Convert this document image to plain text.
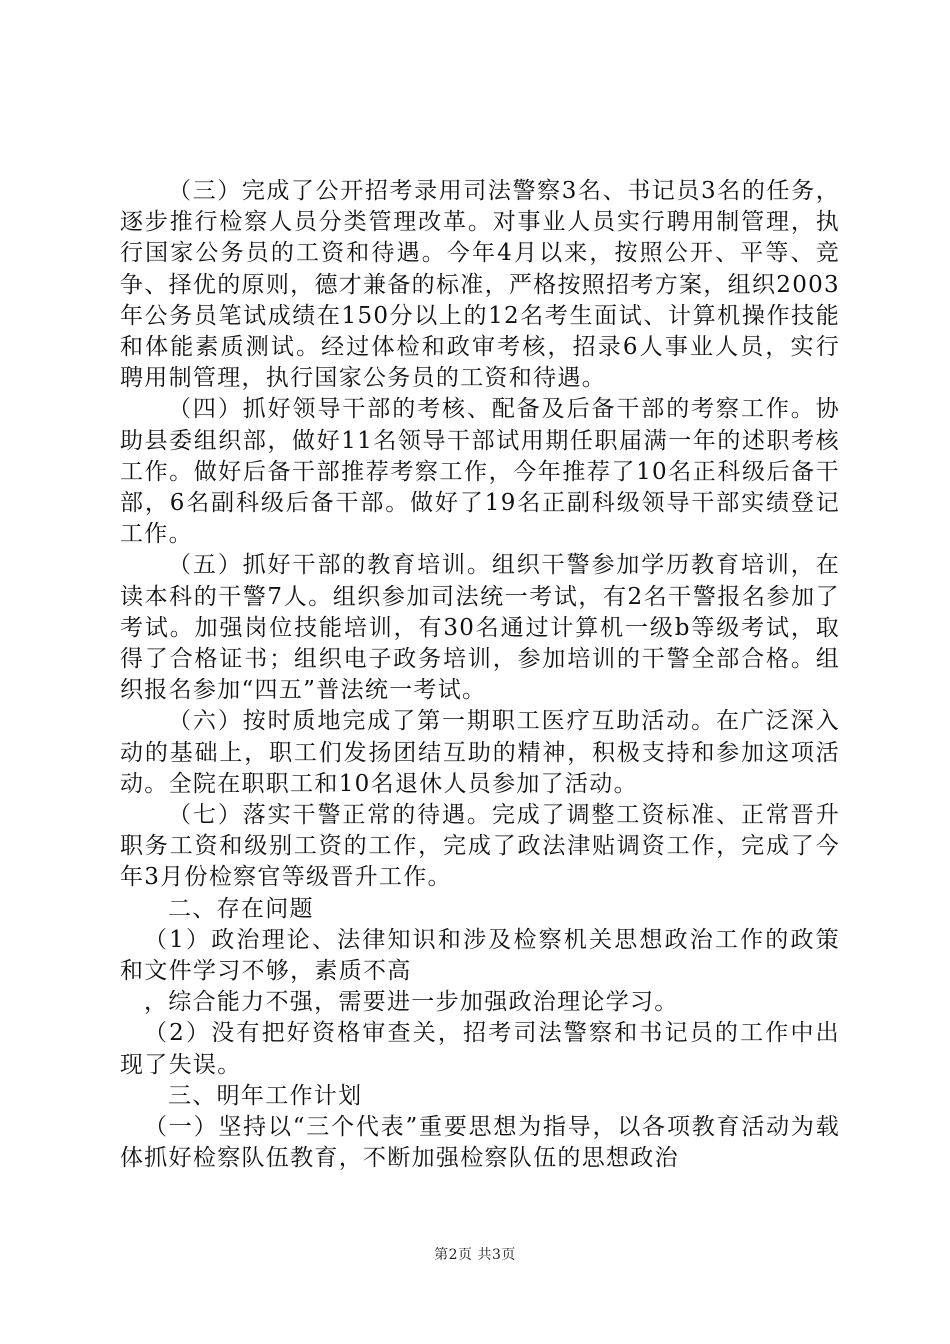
（三）完成了公开招考录用司法警察3名、书记员3名的任务，逐步推行检察人员分类管理改革。对事业人员实行聘用制管理，执行国家公务员的工资和待遇。今年4月以来，按照公开、平等、竞争、择优的原则，德才兼备的标准，严格按照招考方案，组织2003年公务员笔试成绩在150分以上的12名考生面试、计算机操作技能和体能素质测试。经过体检和政审考核，招录6人事业人员，实行聘用制管理，执行国家公务员的工资和待遇。

（四）抓好领导干部的考核、配备及后备干部的考察工作。协助县委组织部，做好11名领导干部试用期任职届满一年的述职考核工作。做好后备干部推荐考察工作，今年推荐了10名正科级后备干部，6名副科级后备干部。做好了19名正副科级领导干部实绩登记工作。

（五）抓好干部的教育培训。组织干警参加学历教育培训，在读本科的干警7人。组织参加司法统一考试，有2名干警报名参加了考试。加强岗位技能培训，有30名通过计算机一级b等级考试，取得了合格证书；组织电子政务培训，参加培训的干警全部合格。组织报名参加“四五”普法统一考试。

（六）按时质地完成了第一期职工医疗互助活动。在广泛深入动的基础上，职工们发扬团结互助的精神，积极支持和参加这项活动。全院在职职工和10名退休人员参加了活动。

（七）落实干警正常的待遇。完成了调整工资标准、正常晋升职务工资和级别工资的工作，完成了政法津贴调资工作，完成了今年3月份检察官等级晋升工作。

二、存在问题

（1）政治理论、法律知识和涉及检察机关思想政治工作的政策和文件学习不够，素质不高

，综合能力不强，需要进一步加强政治理论学习。

（2）没有把好资格审查关，招考司法警察和书记员的工作中出现了失误。

三、明年工作计划

（一）坚持以“三个代表”重要思想为指导，以各项教育活动为载体抓好检察队伍教育，不断加强检察队伍的思想政治

第2页 共3页
